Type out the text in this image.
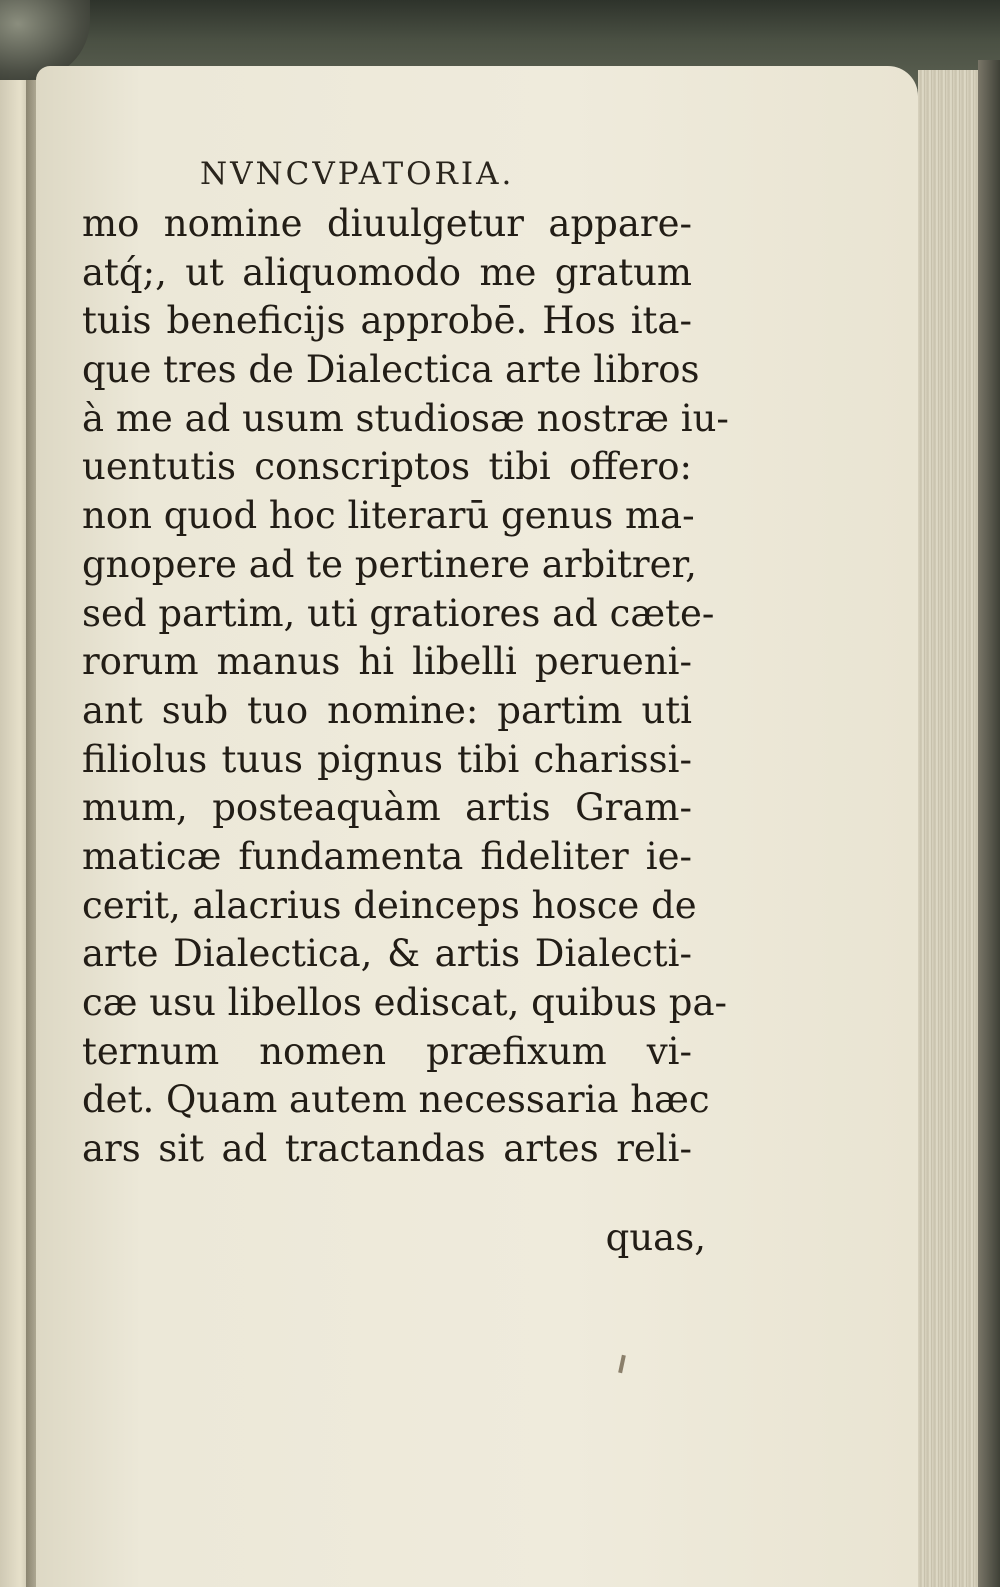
NVNCVPATORIA.
mo nomine diuulgetur appare-
atq́;, ut aliquomodo me gratum
tuis beneficijs approbē. Hos ita-
que tres de Dialectica arte libros
à me ad usum studiosæ nostræ iu-
uentutis conscriptos tibi offero:
non quod hoc literarū genus ma-
gnopere ad te pertinere arbitrer,
sed partim, uti gratiores ad cæte-
rorum manus hi libelli perueni-
ant sub tuo nomine: partim uti
filiolus tuus pignus tibi charissi-
mum, posteaquàm artis Gram-
maticæ fundamenta fideliter ie-
cerit, alacrius deinceps hosce de
arte Dialectica, & artis Dialecti-
cæ usu libellos ediscat, quibus pa-
ternum nomen præfixum vi-
det. Quam autem necessaria hæc
ars sit ad tractandas artes reli-
quas,
